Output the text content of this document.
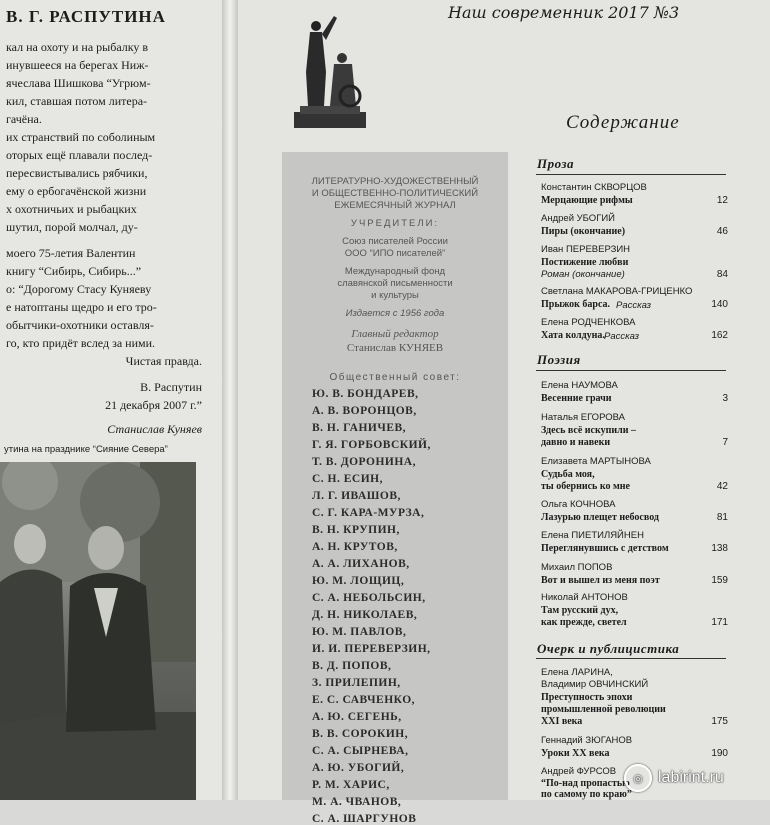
В. Г. РАСПУТИНА
кал на охоту и на рыбалку в
инувшееся на берегах Ниж-
ячеслава Шишкова “Угрюм-
кил, ставшая потом литера-
гачёна.
их странствий по соболиным
оторых ещё плавали послед-
пересвистывались рябчики,
ему о ербогачёнской жизни
х охотничьих и рыбацких
шутил, порой молчал, ду-
моего 75-летия Валентин
книгу “Сибирь, Сибирь...”
о: “Дорогому Стасу Куняеву
е натоптаны щедро и его тро-
обытчики-охотники оставля-
го, кто придёт вслед за ними.
Чистая правда.
В. Распутин
21 декабря 2007 г.”
Станислав Куняев
утина на празднике “Сияние Севера”
Наш современник 2017 №3
Содержание
ЛИТЕРАТУРНО-ХУДОЖЕСТВЕННЫЙ
И ОБЩЕСТВЕННО-ПОЛИТИЧЕСКИЙ
ЕЖЕМЕСЯЧНЫЙ ЖУРНАЛ
УЧРЕДИТЕЛИ:
Союз писателей России
ООО “ИПО писателей”
Международный фонд
славянской письменности
и культуры
Издается с 1956 года
Главный редактор
Станислав КУНЯЕВ
Общественный совет:
Ю. В. БОНДАРЕВ,
А. В. ВОРОНЦОВ,
В. Н. ГАНИЧЕВ,
Г. Я. ГОРБОВСКИЙ,
Т. В. ДОРОНИНА,
С. Н. ЕСИН,
Л. Г. ИВАШОВ,
С. Г. КАРА-МУРЗА,
В. Н. КРУПИН,
А. Н. КРУТОВ,
А. А. ЛИХАНОВ,
Ю. М. ЛОЩИЦ,
С. А. НЕБОЛЬСИН,
Д. Н. НИКОЛАЕВ,
Ю. М. ПАВЛОВ,
И. И. ПЕРЕВЕРЗИН,
В. Д. ПОПОВ,
З. ПРИЛЕПИН,
Е. С. САВЧЕНКО,
А. Ю. СЕГЕНЬ,
В. В. СОРОКИН,
С. А. СЫРНЕВА,
А. Ю. УБОГИЙ,
Р. М. ХАРИС,
М. А. ЧВАНОВ,
С. А. ШАРГУНОВ
Проза
Константин СКВОРЦОВ
Мерцающие рифмы	12
Андрей УБОГИЙ
Пиры (окончание)	46
Иван ПЕРЕВЕРЗИН
Постижение любви
Роман (окончание)	84
Светлана МАКАРОВА-ГРИЦЕНКО
Прыжок барса. Рассказ	140
Елена РОДЧЕНКОВА
Хата колдуна. Рассказ	162
Поэзия
Елена НАУМОВА
Весенние грачи	3
Наталья ЕГОРОВА
Здесь всё искупили –
давно и навеки	7
Елизавета МАРТЫНОВА
Судьба моя,
ты обернись ко мне	42
Ольга КОЧНОВА
Лазурью плещет небосвод	81
Елена ПИЕТИЛЯЙНЕН
Переглянувшись с детством	138
Михаил ПОПОВ
Вот и вышел из меня поэт	159
Николай АНТОНОВ
Там русский дух,
как прежде, светел	171
Очерк и публицистика
Елена ЛАРИНА,
Владимир ОВЧИНСКИЙ
Преступность эпохи
промышленной революции
XXI века	175
Геннадий ЗЮГАНОВ
Уроки XX века	190
Андрей ФУРСОВ
“По-над пропастью
по самому по краю”
◎ labirint.ru
